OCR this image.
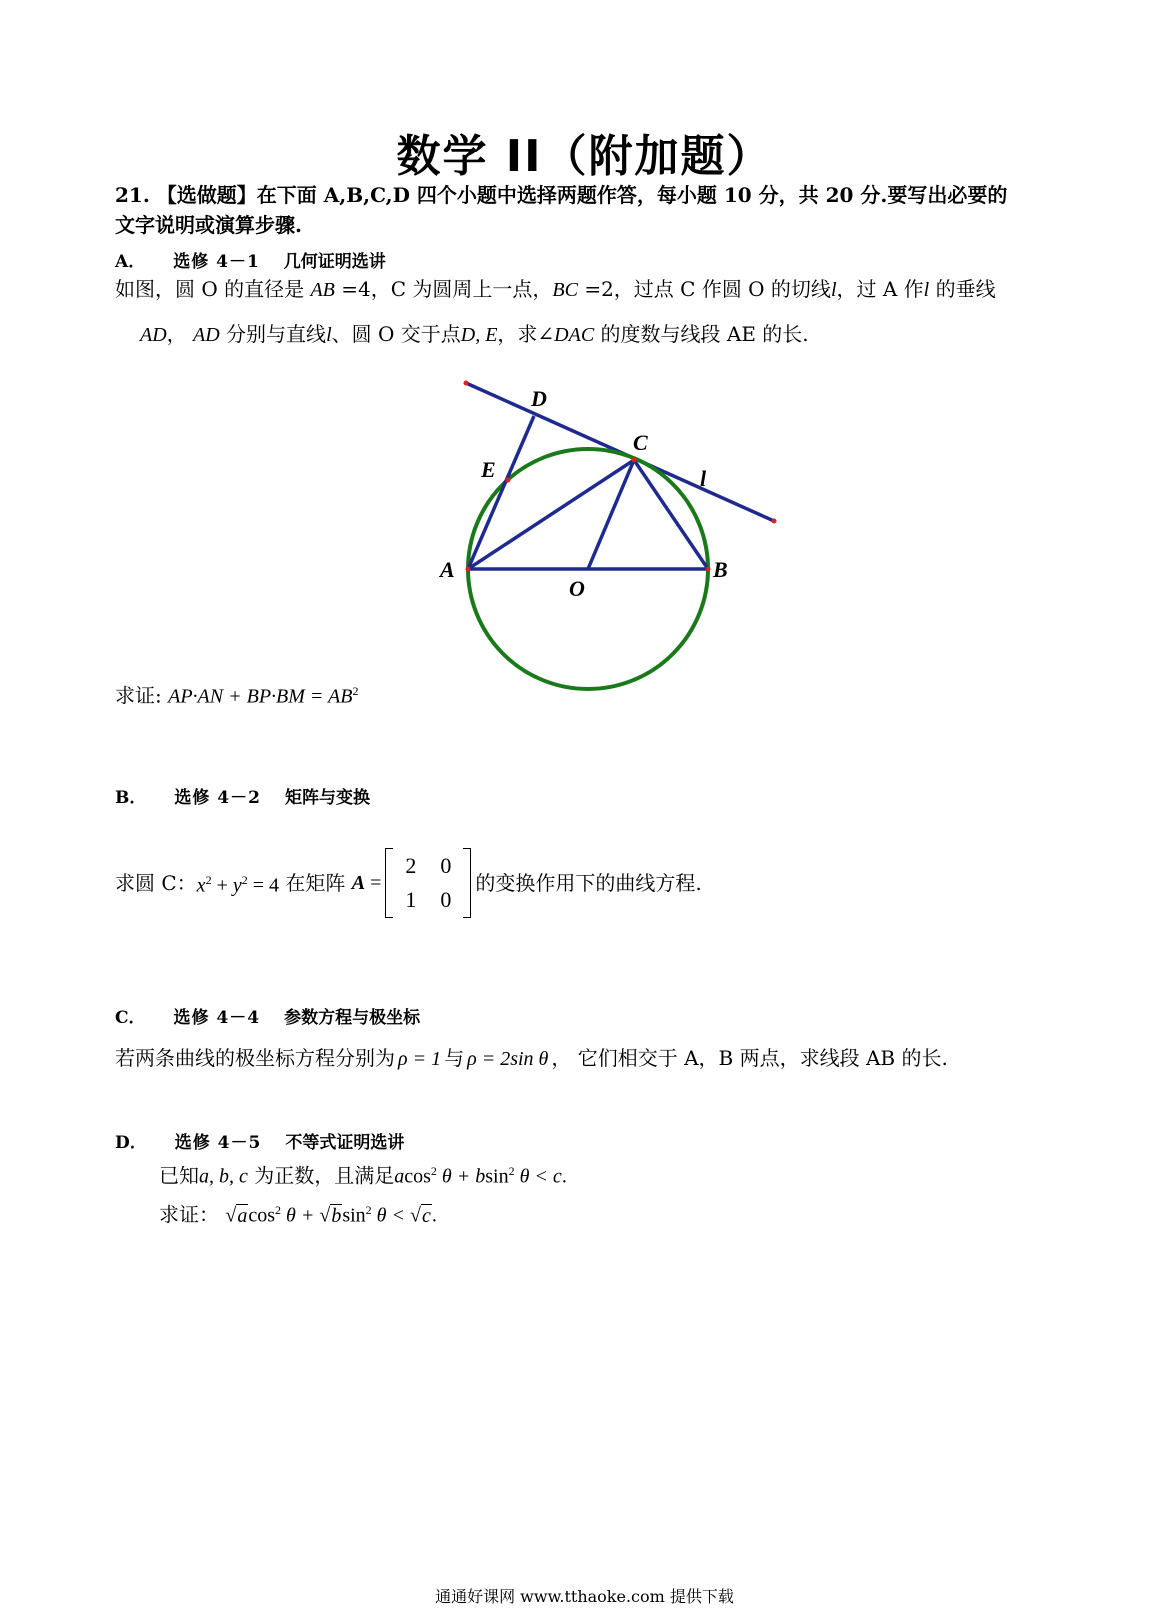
数学 II（附加题）
21. 【选做题】在下面 A,B,C,D 四个小题中选择两题作答，每小题 10 分，共 20 分.要写出必要的
文字说明或演算步骤.
A． 选修 4－1 几何证明选讲
如图，圆 O 的直径是 AB =4，C 为圆周上一点，BC =2，过点 C 作圆 O 的切线l，过 A 作l 的垂线
AD， AD 分别与直线l、圆 O 交于点D, E，求∠DAC 的度数与线段 AE 的长.
A	B
C
D
E
O
l
求证: $AP\cdot AN + BP\cdot BM = AB^2$
B． 选修 4－2 矩阵与变换
求圆 C： $x^2 + y^2 = 4$ 在矩阵 A =
2	0
1	0
的变换作用下的曲线方程.
C． 选修 4－4 参数方程与极坐标
若两条曲线的极坐标方程分别为 ρ = 1 与 ρ = 2sin θ ， 它们相交于 A，B 两点，求线段 AB 的长.
D． 选修 4－5 不等式证明选讲
已知a, b, c 为正数，且满足acos$^2$ θ + bsin$^2$ θ < c.
求证： √acos$^2$ θ + √bsin$^2$ θ < √c.
通通好课网 www.tthaoke.com 提供下载
